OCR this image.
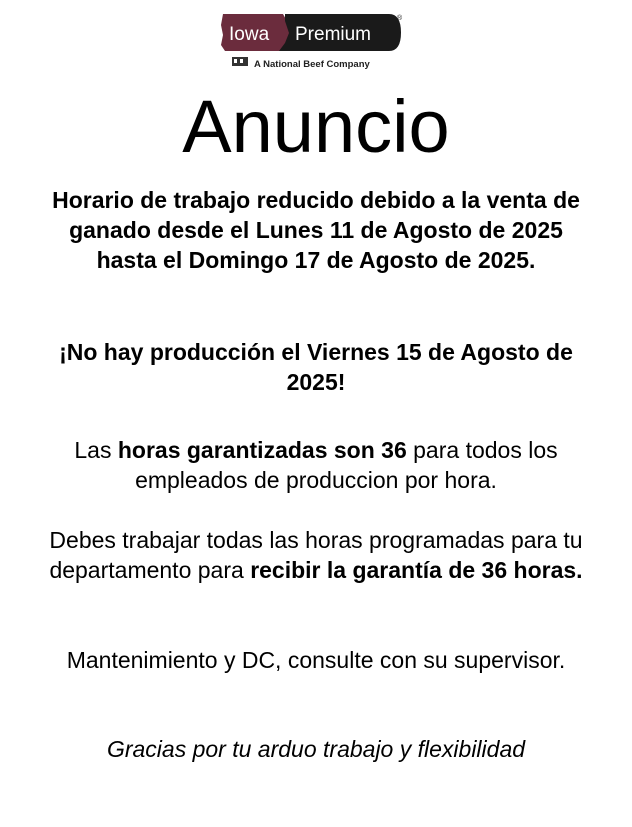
Iowa Premium
®
A National Beef Company
Anuncio

Horario de trabajo reducido debido a la venta de ganado desde el Lunes 11 de Agosto de 2025 hasta el Domingo 17 de Agosto de 2025.

¡No hay producción el Viernes 15 de Agosto de 2025!

Las horas garantizadas son 36 para todos los empleados de produccion por hora.

Debes trabajar todas las horas programadas para tu departamento para recibir la garantía de 36 horas.

Mantenimiento y DC, consulte con su supervisor.

Gracias por tu arduo trabajo y flexibilidad
